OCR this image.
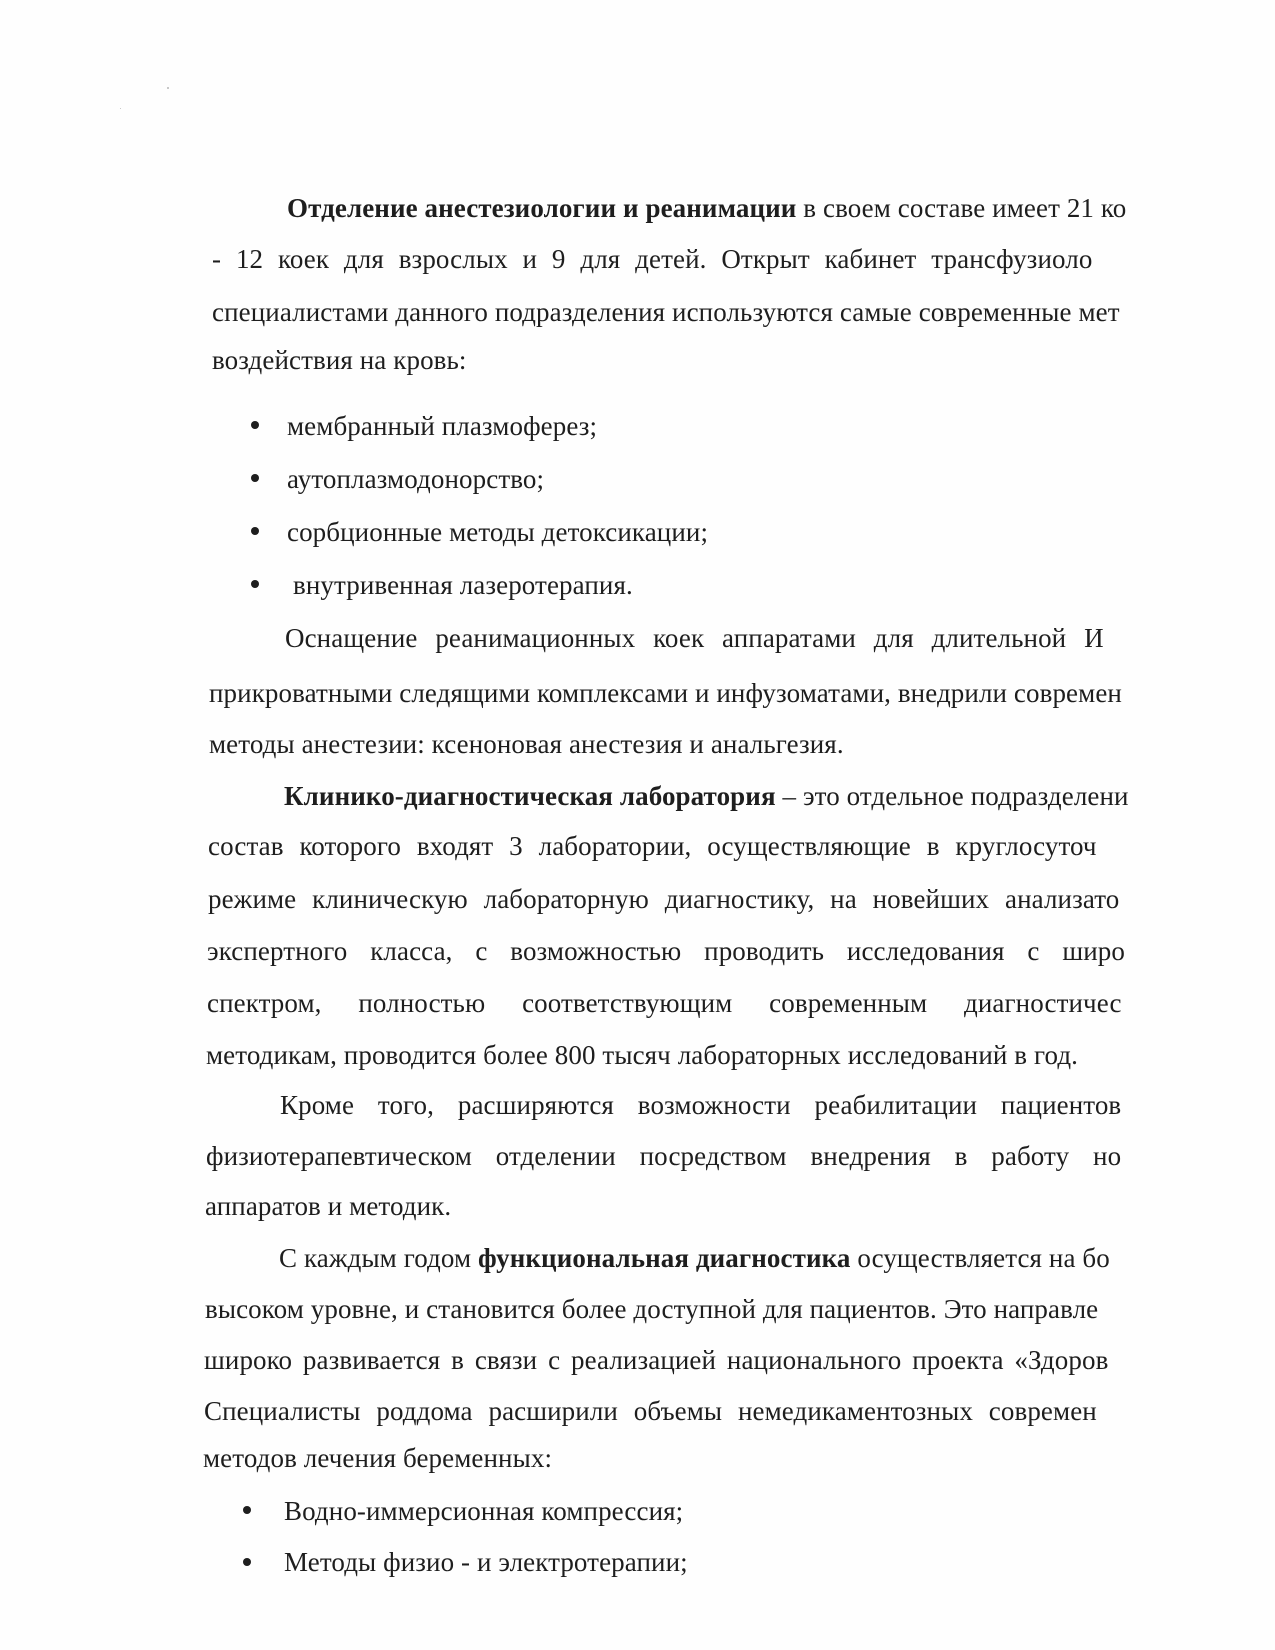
Отделение анестезиологии и реанимации в своем составе имеет 21 ко
- 12 коек для взрослых и 9 для детей. Открыт кабинет трансфузиоло
специалистами данного подразделения используются самые современные мет
воздействия на кровь:
мембранный плазмоферез;
аутоплазмодонорство;
сорбционные методы детоксикации;
внутривенная лазеротерапия.
Оснащение реанимационных коек аппаратами для длительной И
прикроватными следящими комплексами и инфузоматами, внедрили современ
методы анестезии: ксеноновая анестезия и анальгезия.
Клинико-диагностическая лаборатория – это отдельное подразделени
состав которого входят 3 лаборатории, осуществляющие в круглосуточ
режиме клиническую лабораторную диагностику, на новейших анализато
экспертного класса, с возможностью проводить исследования с широ
спектром, полностью соответствующим современным диагностичес
методикам, проводится более 800 тысяч лабораторных исследований в год.
Кроме того, расширяются возможности реабилитации пациентов
физиотерапевтическом отделении посредством внедрения в работу но
аппаратов и методик.
С каждым годом функциональная диагностика осуществляется на бо
высоком уровне, и становится более доступной для пациентов. Это направле
широко развивается в связи с реализацией национального проекта «Здоров
Специалисты роддома расширили объемы немедикаментозных современ
методов лечения беременных:
Водно-иммерсионная компрессия;
Методы физио - и электротерапии;
